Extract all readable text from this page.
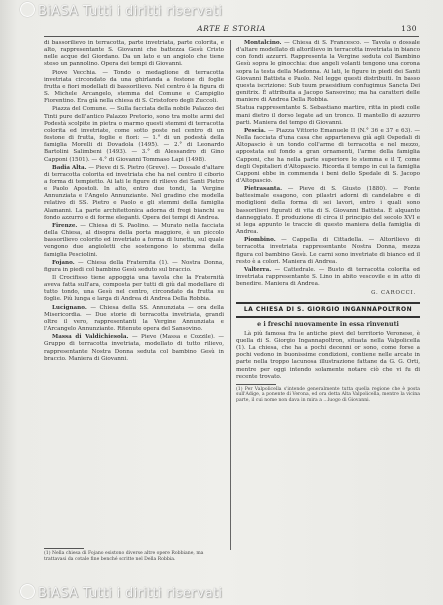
BiASA Tutti i diritti riservati
ARTE E STORIA	130

di bassorilievo in terracotta, parte invetriata, parte colorita, e alto, rappresentante S. Giovanni che battezza Gesù Cristo nelle acque del Giordano. Da un lato e un angiolo che tiene steso un pannolino. Opera dei tempi di Giovanni.

Piove Vecchia. — Tondo o medaglione di terracotta invetriata circondato da una ghirlanda a festone di foglie frutta e fiori modellati di bassorilievo. Nel centro è la figura di S. Michele Arcangelo, stemma del Comune e Campiglio Fiorentino. Era già nella chiesa di S. Cristoforo degli Zuccoli.

Piazza del Comune. — Sulla facciata della nobile Palazzo dei Tinti pure dell'antico Palazzo Pretorio, sono tra molte armi del Podestà scolpite in pietra o marmo questi stemmi di terracotta colorita ed invetriate, come sotto poste nel centro di un festone di frutta, foglie e fiori: — 1.° di un podestà della famiglia Morelli di Dovadola (1495). — 2.° di Leonardo Bartolini Salimbeni (1493). — 3.° di Alessandro di Gino Capponi (1501). — 4.° di Giovanni Tommaso Lapi (1498).

Badia Alta. — Pieve di S. Pietro (Greve). — Dossale d'altare di terracotta colorita ed invetriata che ha nel centro il ciborio a forma di tempietto. Ai lati le figure di rilievo dei Santi Pietro e Paolo Apostoli. In alto, entro due tondi, la Vergine Annunziata e l'Angelo Annunziante. Nel gradino che modella relativo di SS. Pietro e Paolo e gli stemmi della famiglia Alamanni. La parte architettonica adorna di fregi bianchi su fondo azzurro e di forme eleganti. Opera dei tempi di Andrea.

Firenze. — Chiesa di S. Paolino. — Murato nella facciata della Chiesa, al disopra della porta maggiore, è un piccolo bassorilievo colorito ed invetriato a forma di lunetta, sul quale vengono due angioletti che sostengono lo stemma della famiglia Pesciolini.

Fojano. — Chiesa della Fraternita (1). — Nostra Donna, figura in piedi col bambino Gesù seduto sul braccio.

Il Crocifisso tiene appoggia una tavola che la Fraternità aveva fatta sull'ara, composta per tutti di giù dal modellare di tutto tondo, una Gesù nel centro, circondato da frutta su foglie. Più lunga e larga di Andrea di Andrea Della Robbia.

Lucignano. — Chiesa della SS. Annunziata — ora della Misericordia. — Due storie di terracotta invetriata, grandi oltre il vero, rappresentanti la Vergine Annunziata e l'Arcangelo Annunziante. Ritenute opera del Sansovino.

Massa di Valdichiesola. — Pieve (Massa e Cozzile). — Gruppo di terracotta invetriata, modellato di tutto rilievo, rappresentante Nostra Donna seduta col bambino Gesù in braccio. Maniera di Giovanni.

Montalcino. — Chiesa di S. Francesco. — Tavola o dossale d'altare modellato di altorilievo in terracotta invetriata in bianco con fondi azzurri. Rappresenta la Vergine seduta col Bambino Gesù sopra le ginocchia: due angeli volanti tengono una corona sopra la testa della Madonna. Ai lati, le figure in piedi dei Santi Giovanni Battista e Paolo. Nel legge questi distribuiti. In basso questa iscrizione: Sub tuum praesidium confugimus Sancta Dei genitrix. È attribuita a Jacopo Sansovino; ma ha caratteri delle maniere di Andrea Della Robbia.

Statua rappresentante S. Sebastiano martire, ritta in piedi colle mani dietro il dorso legate ad un tronco. Il mantello di azzurro parti. Maniera del tempo di Giovanni.

Pescia. — Piazza Vittorio Emanuele II (N.° 36 e 37 e 63). — Nella facciata d'una casa che apparteneva già agli Ospedali di Altopascio è un tondo coll'arme di terracotta e nel mezzo, appostata sul fondo a gran ornamenti, l'arme della famiglia Capponi, che ha nella parte superiore lo stemma e il T, come degli Ospitalieri d'Altopascio. Ricorda il tempo in cui la famiglia Capponi ebbe in commenda i beni dello Spedale di S. Jacopo d'Altopascio.

Pietrasanta. — Pieve di S. Giusto (1880). — Fonte battesimale esagono, con pilastri adorni di candelabre e di modiglioni della forma di sei lavori, entro i quali sono bassorilievi figurati di vita di S. Giovanni Battista. È alquanto danneggiato. È produzione di circa il principio del secolo XVI e si lega appunto le traccie di questo maniera della famiglia di Andrea.

Piombino. — Cappella di Cittadella. — Altorilievo di terracotta invetriata rappresentante Nostra Donna, mezza figura col bambino Gesù. Le carni sono invetriate di bianco ed il resto è a colori. Maniera di Andrea.

Valterra. — Cattedrale. — Busto di terracotta colorita ed invetriata rappresentante S. Lino in abito vescovile e in atto di benedire. Maniera di Andrea.

G. CAROCCI.
LA CHIESA DI S. GIORGIO INGANNAPOLTRON
e i freschi nuovamente in essa rinvenuti

Là più famosa fra le antiche pievi del territorio Veronese, è quella di S. Giorgio Ingannapoltron, situata nella Valpolicella (1). La chiesa, che ha a pochi decenni or sono, come forse a pochi vedono in buonissime condizioni, contiene nelle arcate in parte nella troppo lacunosa illustrazione fattane da G. G. Orti, mentre per oggi intendo solamente notare ciò che vi fu di recente trovato.

(1) Per Valpolicella s'intende generalmente tutta quella regione che è posta sull'Adige, a ponente di Verona, ed ora detta Alta Valpolicella, mentre la vicina parte, il cui nome non dava in mira a ...luogo di Giovanni.
(1) Nella chiesa di Fojano esistono diverse altre opere Robbiane, ma trattavasi da cotale fine benché scritte nel Della Robbia.
BiASA Tutti i diritti riservati
